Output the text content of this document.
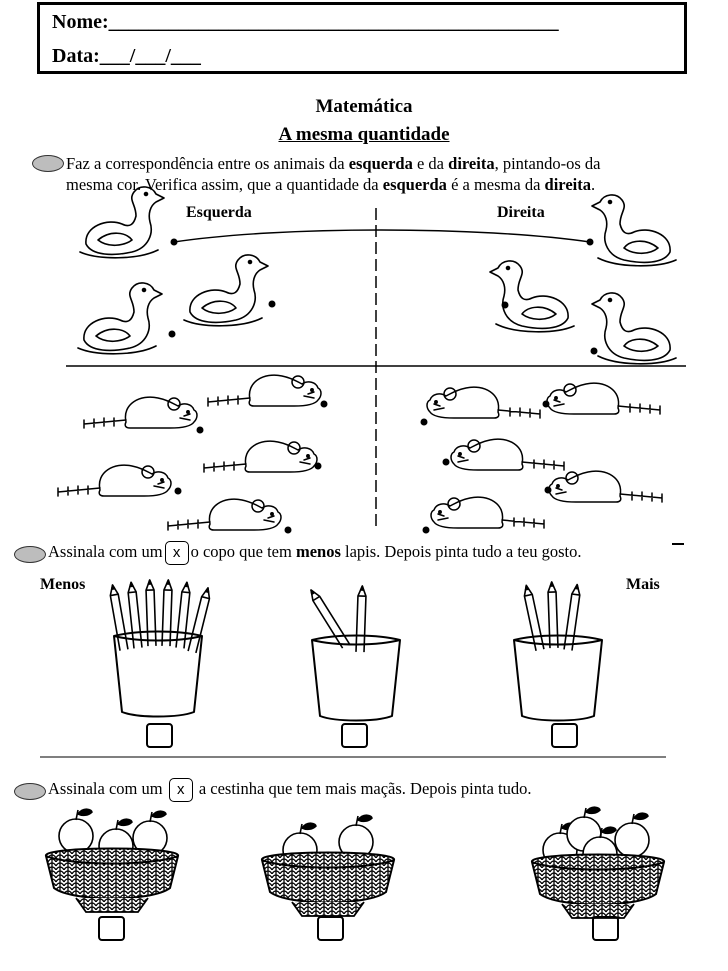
Nome:_____________________________________________
Data:___/___/___
Matemática
A mesma quantidade
Faz a correspondência entre os animais da esquerda e da direita, pintando-os da
mesma cor. Verifica assim, que a quantidade da esquerda é a mesma da direita.
Esquerda	Direita
Assinala com um x o copo que tem menos lapis. Depois pinta tudo a teu gosto.
Menos	Mais
Assinala com um x a cestinha que tem mais maçãs. Depois pinta tudo.
